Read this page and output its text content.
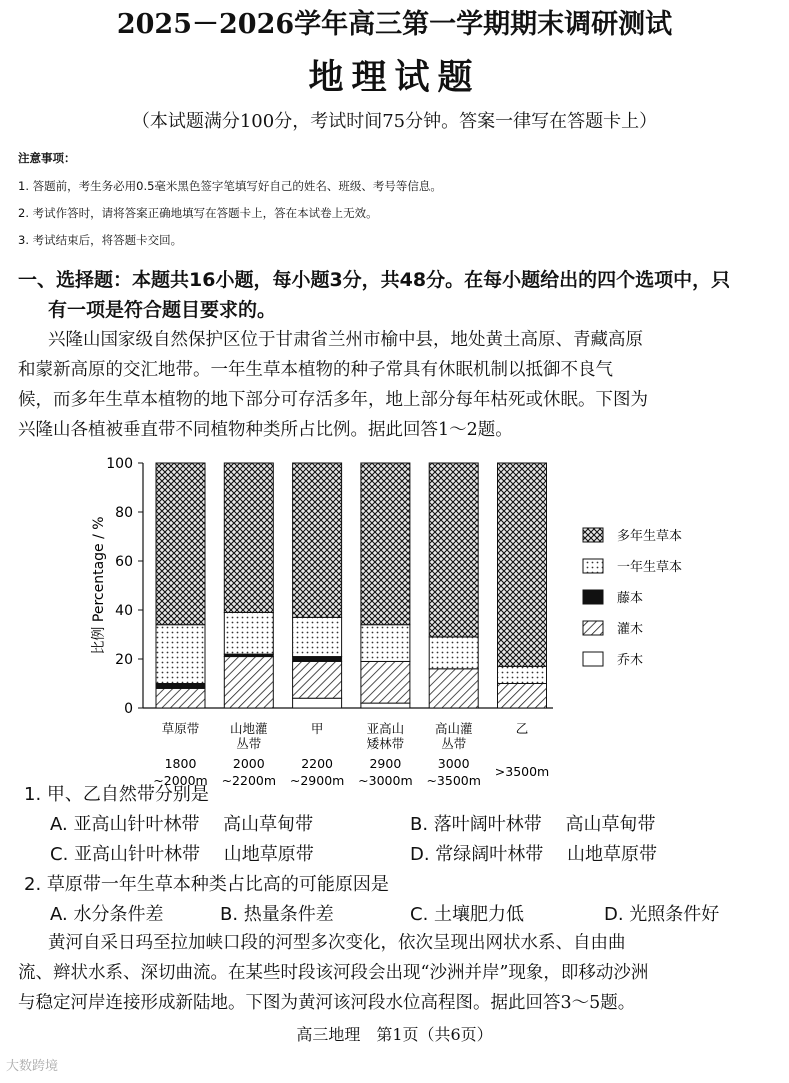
2025－2026学年高三第一学期期末调研测试
地理试题
（本试题满分100分，考试时间75分钟。答案一律写在答题卡上）
注意事项：
1. 答题前，考生务必用0.5毫米黑色签字笔填写好自己的姓名、班级、考号等信息。
2. 考试作答时，请将答案正确地填写在答题卡上，答在本试卷上无效。
3. 考试结束后，将答题卡交回。
一、选择题：本题共16小题，每小题3分，共48分。在每小题给出的四个选项中，只
有一项是符合题目要求的。
兴隆山国家级自然保护区位于甘肃省兰州市榆中县，地处黄土高原、青藏高原
和蒙新高原的交汇地带。一年生草本植物的种子常具有休眠机制以抵御不良气
候，而多年生草本植物的地下部分可存活多年，地上部分每年枯死或休眠。下图为
兴隆山各植被垂直带不同植物种类所占比例。据此回答1～2题。
0
20
40
60
80
100
比例 Percentage / %
草原带
1800
~2000m
山地灌
丛带
2000
~2200m
甲
2200
~2900m
亚高山
矮林带
2900
~3000m
高山灌
丛带
3000
~3500m
乙
>3500m
多年生草本
一年生草本
藤本
灌木
乔木
1. 甲、乙自然带分别是
A. 亚高山针叶林带　 高山草甸带	B. 落叶阔叶林带　 高山草甸带
C. 亚高山针叶林带　 山地草原带	D. 常绿阔叶林带　 山地草原带
2. 草原带一年生草本种类占比高的可能原因是
A. 水分条件差	B. 热量条件差	C. 土壤肥力低	D. 光照条件好
黄河自采日玛至拉加峡口段的河型多次变化，依次呈现出网状水系、自由曲
流、辫状水系、深切曲流。在某些时段该河段会出现“沙洲并岸”现象，即移动沙洲
与稳定河岸连接形成新陆地。下图为黄河该河段水位高程图。据此回答3～5题。
高三地理　第1页（共6页）
大数跨境
